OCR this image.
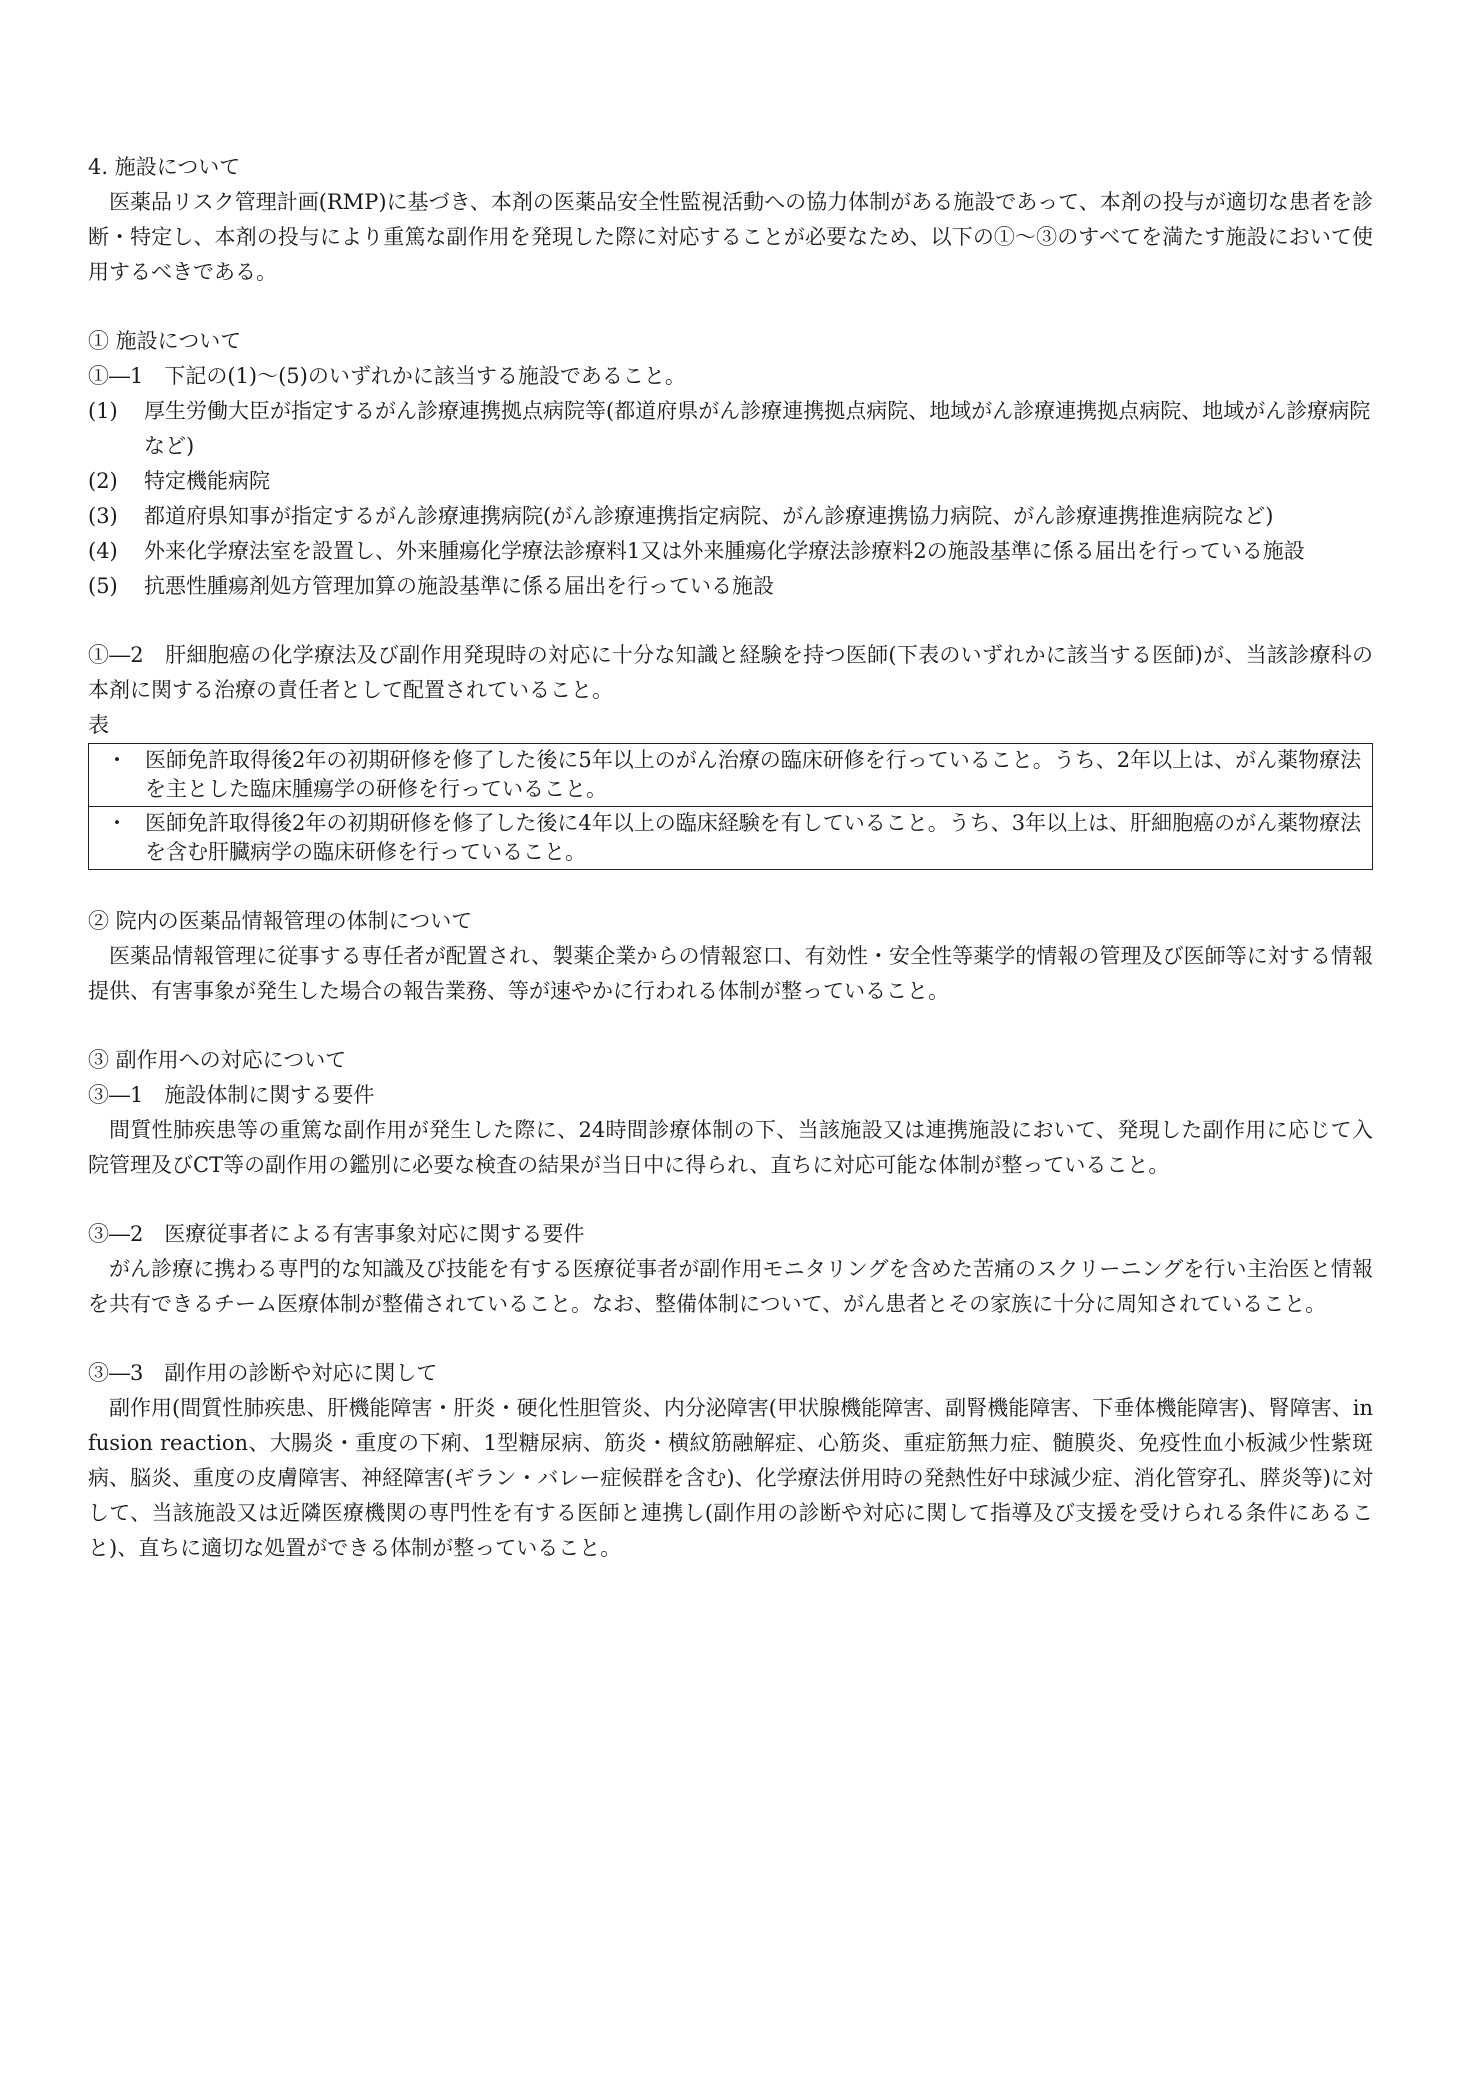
4. 施設について
医薬品リスク管理計画(RMP)に基づき、本剤の医薬品安全性監視活動への協力体制がある施設であって、本剤の投与が適切な患者を診断・特定し、本剤の投与により重篤な副作用を発現した際に対応することが必要なため、以下の①～③のすべてを満たす施設において使用するべきである。
① 施設について
①―1　下記の(1)～(5)のいずれかに該当する施設であること。
(1)	厚生労働大臣が指定するがん診療連携拠点病院等(都道府県がん診療連携拠点病院、地域がん診療連携拠点病院、地域がん診療病院など)
(2)	特定機能病院
(3)	都道府県知事が指定するがん診療連携病院(がん診療連携指定病院、がん診療連携協力病院、がん診療連携推進病院など)
(4)	外来化学療法室を設置し、外来腫瘍化学療法診療料1又は外来腫瘍化学療法診療料2の施設基準に係る届出を行っている施設
(5)	抗悪性腫瘍剤処方管理加算の施設基準に係る届出を行っている施設
①―2　肝細胞癌の化学療法及び副作用発現時の対応に十分な知識と経験を持つ医師(下表のいずれかに該当する医師)が、当該診療科の本剤に関する治療の責任者として配置されていること。
表
・ 医師免許取得後2年の初期研修を修了した後に5年以上のがん治療の臨床研修を行っていること。うち、2年以上は、がん薬物療法を主とした臨床腫瘍学の研修を行っていること。

・ 医師免許取得後2年の初期研修を修了した後に4年以上の臨床経験を有していること。うち、3年以上は、肝細胞癌のがん薬物療法を含む肝臓病学の臨床研修を行っていること。
② 院内の医薬品情報管理の体制について
医薬品情報管理に従事する専任者が配置され、製薬企業からの情報窓口、有効性・安全性等薬学的情報の管理及び医師等に対する情報提供、有害事象が発生した場合の報告業務、等が速やかに行われる体制が整っていること。
③ 副作用への対応について
③―1　施設体制に関する要件
間質性肺疾患等の重篤な副作用が発生した際に、24時間診療体制の下、当該施設又は連携施設において、発現した副作用に応じて入院管理及びCT等の副作用の鑑別に必要な検査の結果が当日中に得られ、直ちに対応可能な体制が整っていること。
③―2　医療従事者による有害事象対応に関する要件
がん診療に携わる専門的な知識及び技能を有する医療従事者が副作用モニタリングを含めた苦痛のスクリーニングを行い主治医と情報を共有できるチーム医療体制が整備されていること。なお、整備体制について、がん患者とその家族に十分に周知されていること。
③―3　副作用の診断や対応に関して
副作用(間質性肺疾患、肝機能障害・肝炎・硬化性胆管炎、内分泌障害(甲状腺機能障害、副腎機能障害、下垂体機能障害)、腎障害、infusion reaction、大腸炎・重度の下痢、1型糖尿病、筋炎・横紋筋融解症、心筋炎、重症筋無力症、髄膜炎、免疫性血小板減少性紫斑病、脳炎、重度の皮膚障害、神経障害(ギラン・バレー症候群を含む)、化学療法併用時の発熱性好中球減少症、消化管穿孔、膵炎等)に対して、当該施設又は近隣医療機関の専門性を有する医師と連携し(副作用の診断や対応に関して指導及び支援を受けられる条件にあること)、直ちに適切な処置ができる体制が整っていること。
